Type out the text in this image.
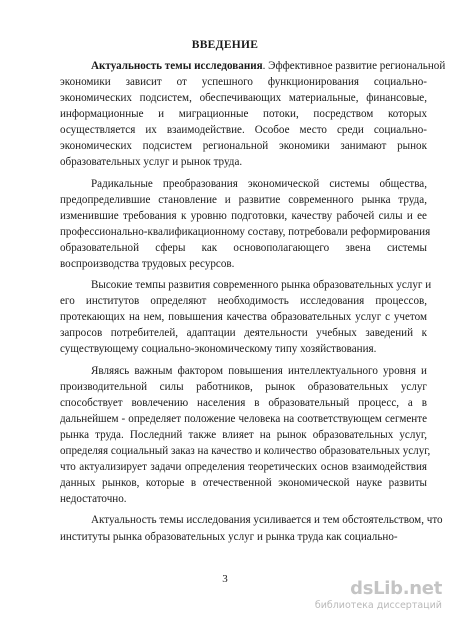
ВВЕДЕНИЕ
Актуальность темы исследования. Эффективное развитие региональной
экономики зависит от успешного функционирования социально-
экономических подсистем, обеспечивающих материальные, финансовые,
информационные и миграционные потоки, посредством которых
осуществляется их взаимодействие. Особое место среди социально-
экономических подсистем региональной экономики занимают рынок
образовательных услуг и рынок труда.
Радикальные преобразования экономической системы общества,
предопределившие становление и развитие современного рынка труда,
изменившие требования к уровню подготовки, качеству рабочей силы и ее
профессионально-квалификационному составу, потребовали реформирования
образовательной сферы как основополагающего звена системы
воспроизводства трудовых ресурсов.
Высокие темпы развития современного рынка образовательных услуг и
его институтов определяют необходимость исследования процессов,
протекающих на нем, повышения качества образовательных услуг с учетом
запросов потребителей, адаптации деятельности учебных заведений к
существующему социально-экономическому типу хозяйствования.
Являясь важным фактором повышения интеллектуального уровня и
производительной силы работников, рынок образовательных услуг
способствует вовлечению населения в образовательный процесс, а в
дальнейшем - определяет положение человека на соответствующем сегменте
рынка труда. Последний также влияет на рынок образовательных услуг,
определяя социальный заказ на качество и количество образовательных услуг,
что актуализирует задачи определения теоретических основ взаимодействия
данных рынков, которые в отечественной экономической науке развиты
недостаточно.
Актуальность темы исследования усиливается и тем обстоятельством, что
институты рынка образовательных услуг и рынка труда как социально-
3	dsLib.net
библиотека диссертаций
